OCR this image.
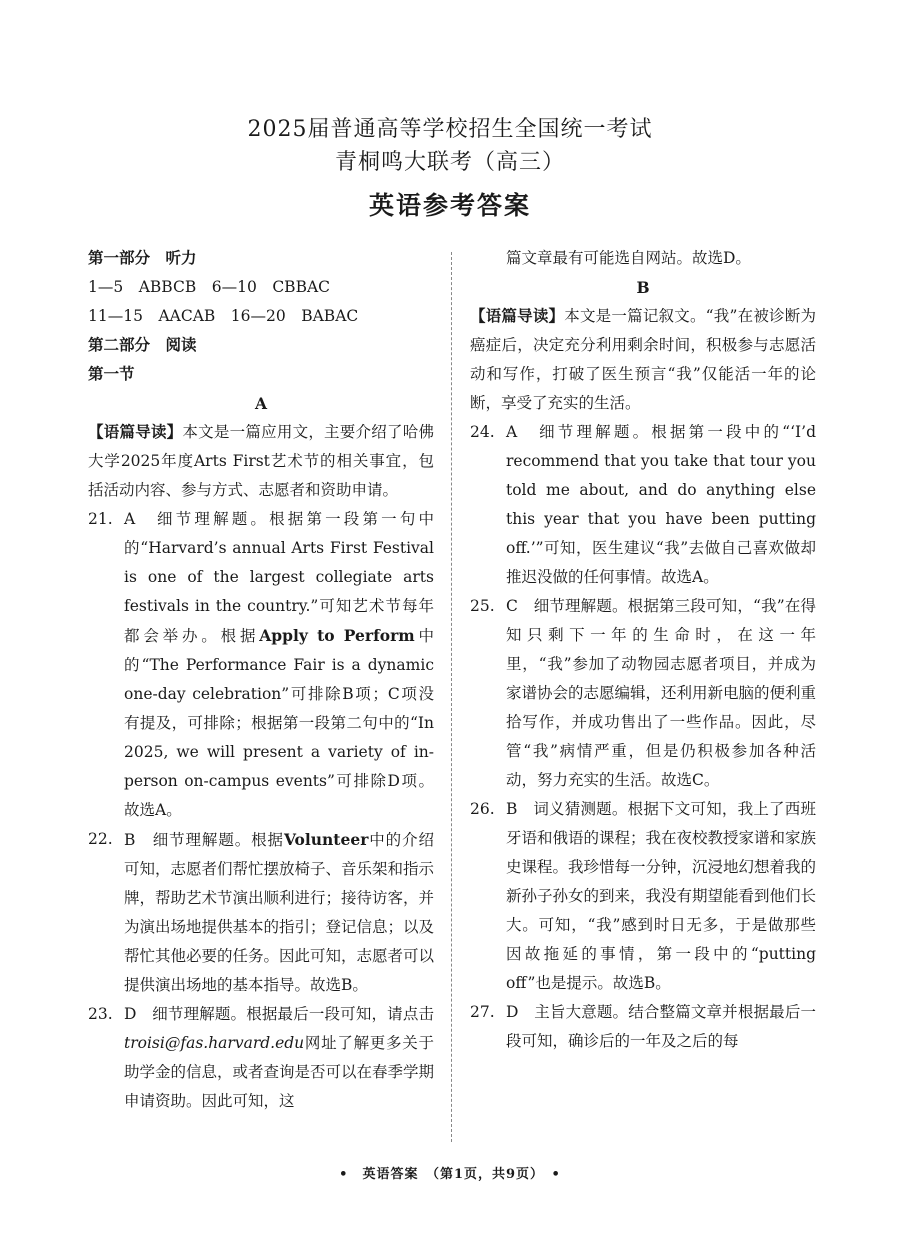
2025届普通高等学校招生全国统一考试
青桐鸣大联考（高三）
英语参考答案

第一部分　听力

1—5　ABBCB　6—10　CBBAC

11—15　AACAB　16—20　BABAC

第二部分　阅读

第一节

A

【语篇导读】本文是一篇应用文，主要介绍了哈佛大学2025年度Arts First艺术节的相关事宜，包括活动内容、参与方式、志愿者和资助申请。

21. A　细节理解题。根据第一段第一句中的“Harvard’s annual Arts First Festival is one of the largest collegiate arts festivals in the country.”可知艺术节每年都会举办。根据Apply to Perform中的“The Performance Fair is a dynamic one-day celebration”可排除B项；C项没有提及，可排除；根据第一段第二句中的“In 2025, we will present a variety of in-person on-campus events”可排除D项。故选A。
22. B　细节理解题。根据Volunteer中的介绍可知，志愿者们帮忙摆放椅子、音乐架和指示牌，帮助艺术节演出顺利进行；接待访客，并为演出场地提供基本的指引；登记信息；以及帮忙其他必要的任务。因此可知，志愿者可以提供演出场地的基本指导。故选B。
23. D　细节理解题。根据最后一段可知，请点击troisi@fas.harvard.edu网址了解更多关于助学金的信息，或者查询是否可以在春季学期申请资助。因此可知，这

篇文章最有可能选自网站。故选D。

B

【语篇导读】本文是一篇记叙文。“我”在被诊断为癌症后，决定充分利用剩余时间，积极参与志愿活动和写作，打破了医生预言“我”仅能活一年的论断，享受了充实的生活。

24. A　细节理解题。根据第一段中的“‘I’d recommend that you take that tour you told me about, and do anything else this year that you have been putting off.’”可知，医生建议“我”去做自己喜欢做却推迟没做的任何事情。故选A。
25. C　细节理解题。根据第三段可知，“我”在得知只剩下一年的生命时，在这一年里，“我”参加了动物园志愿者项目，并成为家谱协会的志愿编辑，还利用新电脑的便利重拾写作，并成功售出了一些作品。因此，尽管“我”病情严重，但是仍积极参加各种活动，努力充实的生活。故选C。
26. B　词义猜测题。根据下文可知，我上了西班牙语和俄语的课程；我在夜校教授家谱和家族史课程。我珍惜每一分钟，沉浸地幻想着我的新孙子孙女的到来，我没有期望能看到他们长大。可知，“我”感到时日无多，于是做那些因故拖延的事情，第一段中的“putting off”也是提示。故选B。
27. D　主旨大意题。结合整篇文章并根据最后一段可知，确诊后的一年及之后的每
•　英语答案　（第1页，共9页）　•
